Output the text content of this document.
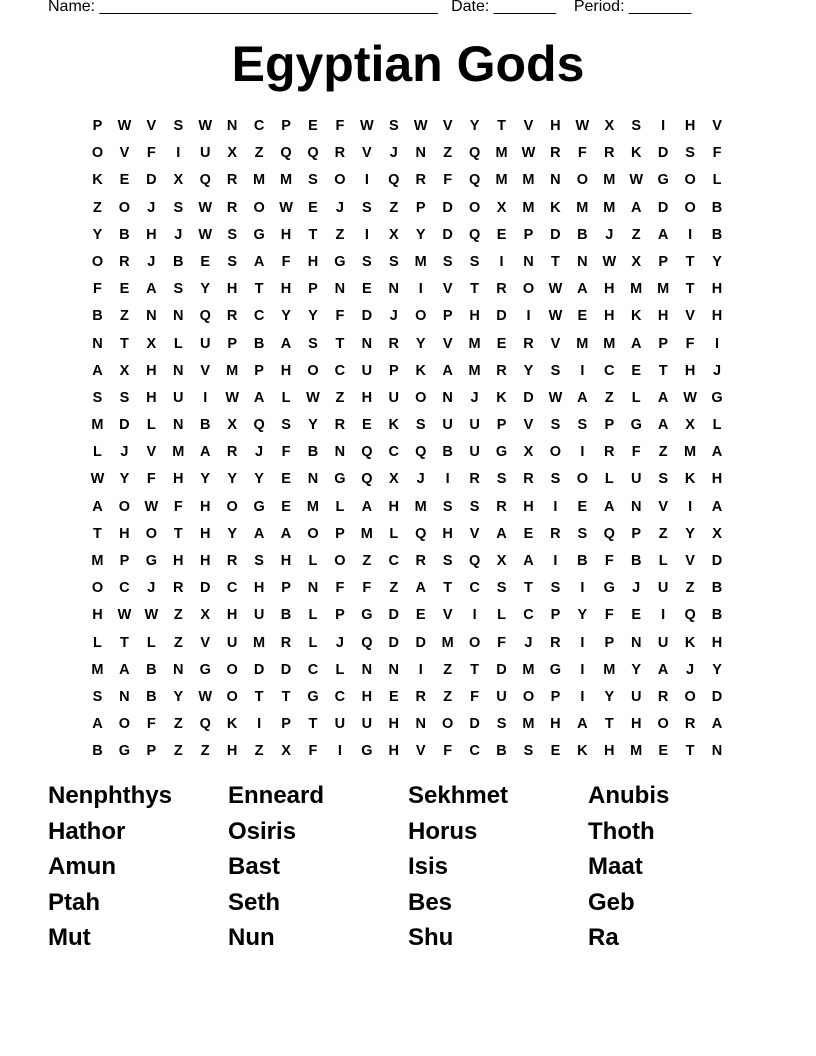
Name: ______________________________________ Date: _______ Period: _______
Egyptian Gods
P	W	V	S	W	N	C	P	E	F	W	S	W	V	Y	T	V	H	W	X	S	I	H	V
O	V	F	I	U	X	Z	Q	Q	R	V	J	N	Z	Q	M W	R	F	R	K	D	S	F
K	E	D	X	Q	R	M	M	S	O	I	Q	R	F	Q	M	M	N	O	M W G	O	L
Z	O	J	S	W	R	O W	E	J	S	Z	P	D	O	X	M	K	M	M	A	D	O	B
Y	B	H	J	W	S	G	H	T	Z	I	X	Y	D	Q	E	P	D	B	J	Z	A	I	B
O	R	J	B	E	S	A	F	H	G	S	S	M	S	S	I	N	T	N	W	X	P	T	Y
F	E	A	S	Y	H	T	H	P	N	E	N	I	V	T	R	O W	A	H	M	M	T	H
B	Z	N	N	Q	R	C	Y	Y	F	D	J	O	P	H	D	I	W	E	H	K	H	V	H
N	T	X	L	U	P	B	A	S	T	N	R	Y	V	M	E	R	V	M	M	A	P	F	I
A	X	H	N	V	M	P	H	O	C	U	P	K	A	M	R	Y	S	I	C	E	T	H	J
S	S	H	U	I	W	A	L	W	Z	H	U	O	N	J	K	D	W	A	Z	L	A	W G
M	D	L	N	B	X	Q	S	Y	R	E	K	S	U	U	P	V	S	S	P	G	A	X	L
L	J	V	M	A	R	J	F	B	N	Q	C	Q	B	U	G	X	O	I	R	F	Z	M	A
W	Y	F	H	Y	Y	Y	E	N	G	Q	X	J	I	R	S	R	S	O	L	U	S	K	H
A	O W	F	H	O	G	E	M	L	A	H	M	S	S	R	H	I	E	A	N	V	I	A
T	H	O	T	H	Y	A	A	O	P	M	L	Q	H	V	A	E	R	S	Q	P	Z	Y	X
M	P	G	H	H	R	S	H	L	O	Z	C	R	S	Q	X	A	I	B	F	B	L	V	D
O	C	J	R	D	C	H	P	N	F	F	Z	A	T	C	S	T	S	I	G	J	U	Z	B
H	W W	Z	X	H	U	B	L	P	G	D	E	V	I	L	C	P	Y	F	E	I	Q	B
L	T	L	Z	V	U	M	R	L	J	Q	D	D	M	O	F	J	R	I	P	N	U	K	H
M	A	B	N	G	O	D	D	C	L	N	N	I	Z	T	D	M	G	I	M	Y	A	J	Y
S	N	B	Y	W O	T	T	G	C	H	E	R	Z	F	U	O	P	I	Y	U	R	O	D
A	O	F	Z	Q	K	I	P	T	U	U	H	N	O	D	S	M	H	A	T	H	O	R	A
B	G	P	Z	Z	H	Z	X	F	I	G	H	V	F	C	B	S	E	K	H	M	E	T	N
Nenphthys	Enneard	Sekhmet	Anubis
Hathor	Osiris	Horus	Thoth
Amun	Bast	Isis	Maat
Ptah	Seth	Bes	Geb
Mut	Nun	Shu	Ra
